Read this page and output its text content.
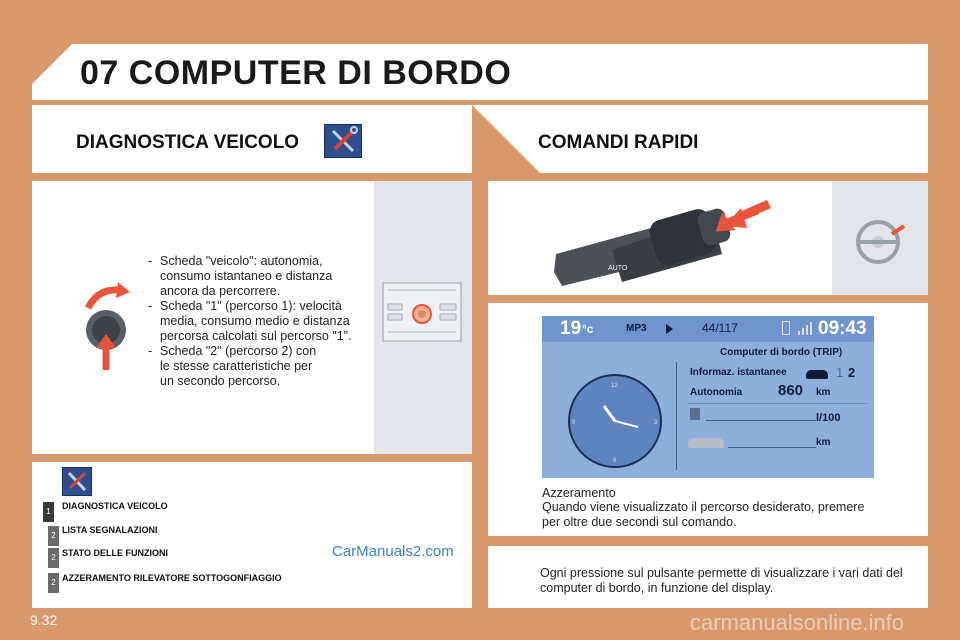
07 COMPUTER DI BORDO
DIAGNOSTICA VEICOLO	COMANDI RAPIDI
- Scheda "veicolo": autonomia,
consumo istantaneo e distanza
ancora da percorrere.
- Scheda "1" (percorso 1): velocità
media, consumo medio e distanza
percorsa calcolati sul percorso "1".
- Scheda "2" (percorso 2) con
le stesse caratteristiche per
un secondo percorso.
1
DIAGNOSTICA VEICOLO
2
LISTA SEGNALAZIONI
2 STATO DELLE FUNZIONI
2 AZZERAMENTO RILEVATORE SOTTOGONFIAGGIO
CarManuals2.com
AUTO
19 °c	MP3	44/117	09:43
Computer di bordo (TRIP)
12
3
6
9
Informaz. istantanee	1 2
Autonomia 860 km
l/100
km
Azzeramento
Quando viene visualizzato il percorso desiderato, premere
per oltre due secondi sul comando.
Ogni pressione sul pulsante permette di visualizzare i vari dati del
computer di bordo, in funzione del display.
9.32	carmanualsonline.info
